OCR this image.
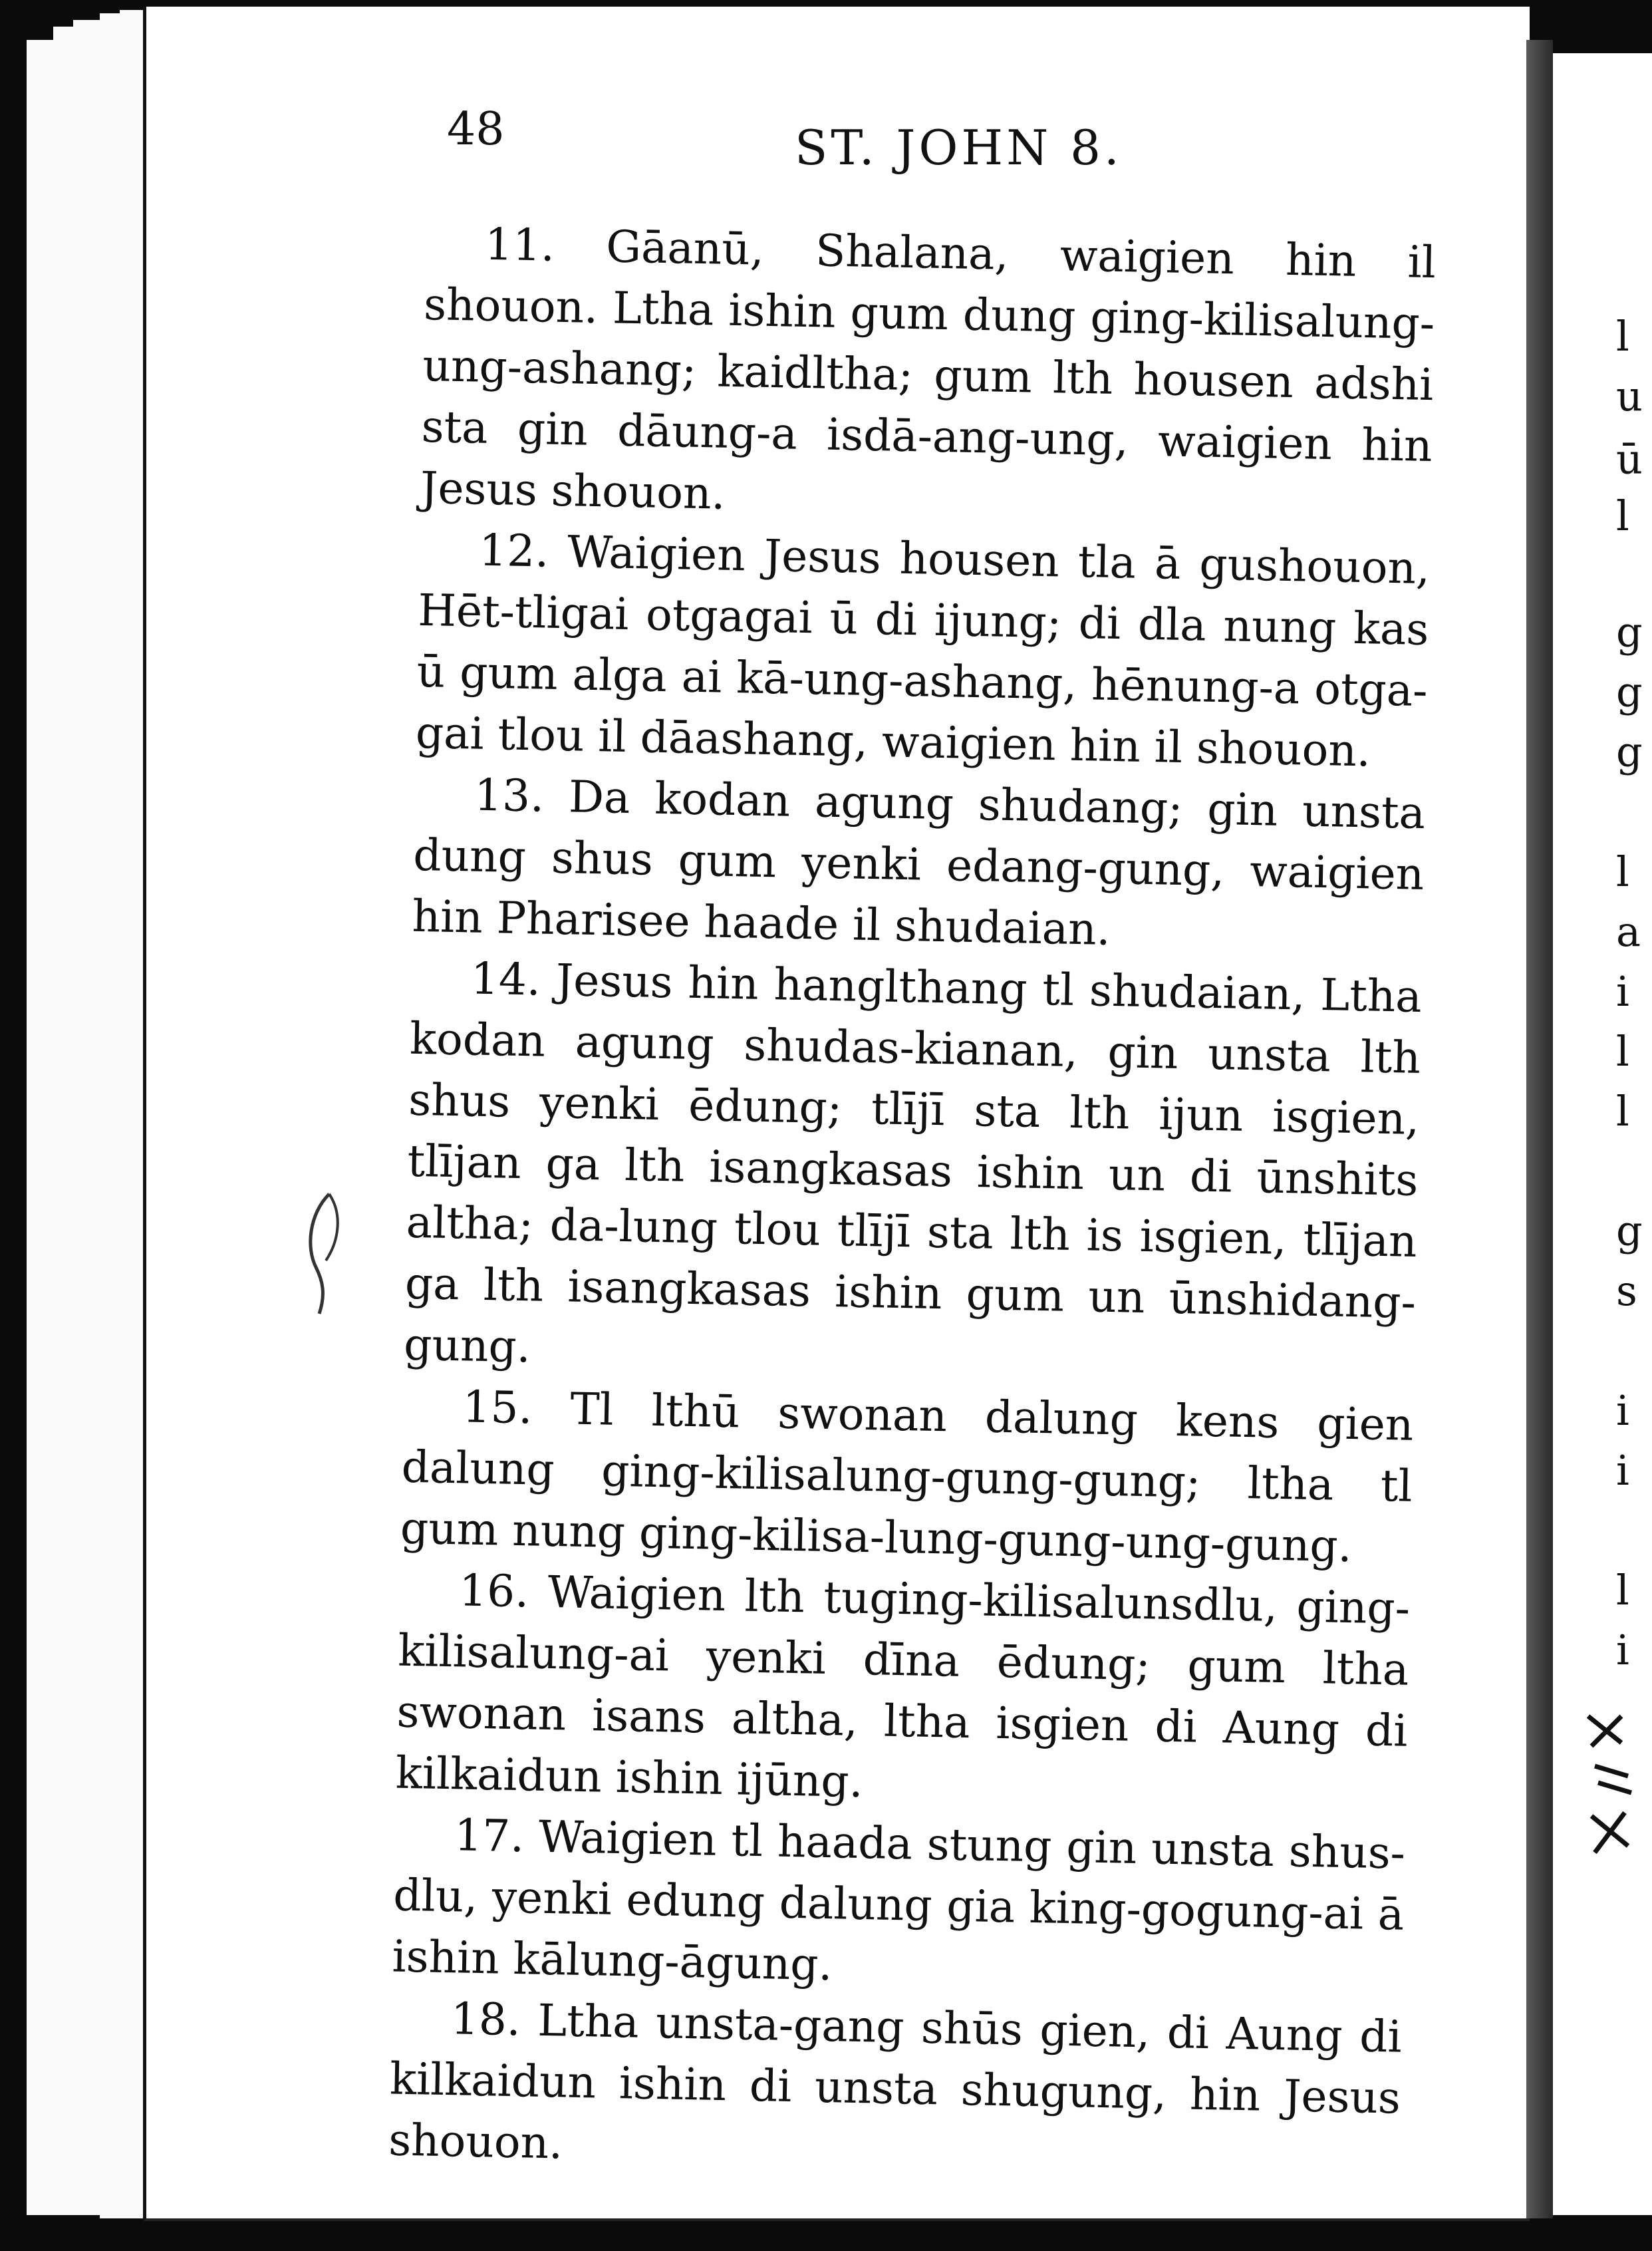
l
u
ū
l
g
g
g
l
a
i
l
l
g
s
i
i
l
i
48	ST. JOHN 8.

11. Gāanū, Shalana, waigien hin il shouon. Ltha ishin gum dung ging-kilisalung-ung-ashang; kaidltha; gum lth housen adshi sta gin dāung-a isdā-ang-ung, waigien hin Jesus shouon.

12. Waigien Jesus housen tla ā gushouon, Hēt-tligai otgagai ū di ijung; di dla nung kas ū gum alga ai kā-ung-ashang, hēnung-a otga-gai tlou il dāashang, waigien hin il shouon.

13. Da kodan agung shudang; gin unsta dung shus gum yenki edang-gung, waigien hin Pharisee haade il shudaian.

14. Jesus hin hanglthang tl shudaian, Ltha kodan agung shudas-kianan, gin unsta lth shus yenki ēdung; tlījī sta lth ijun isgien, tlījan ga lth isangkasas ishin un di ūnshits altha; da-lung tlou tlījī sta lth is isgien, tlījan ga lth isangkasas ishin gum un ūnshidang-gung.

15. Tl lthū swonan dalung kens gien dalung ging-kilisalung-gung-gung; ltha tl gum nung ging-kilisa-lung-gung-ung-gung.

16. Waigien lth tuging-kilisalunsdlu, ging-kilisalung-ai yenki dīna ēdung; gum ltha swonan isans altha, ltha isgien di Aung di kilkaidun ishin ijūng.

17. Waigien tl haada stung gin unsta shus-dlu, yenki edung dalung gia king-gogung-ai ā ishin kālung-āgung.

18. Ltha unsta-gang shūs gien, di Aung di kilkaidun ishin di unsta shugung, hin Jesus shouon.
